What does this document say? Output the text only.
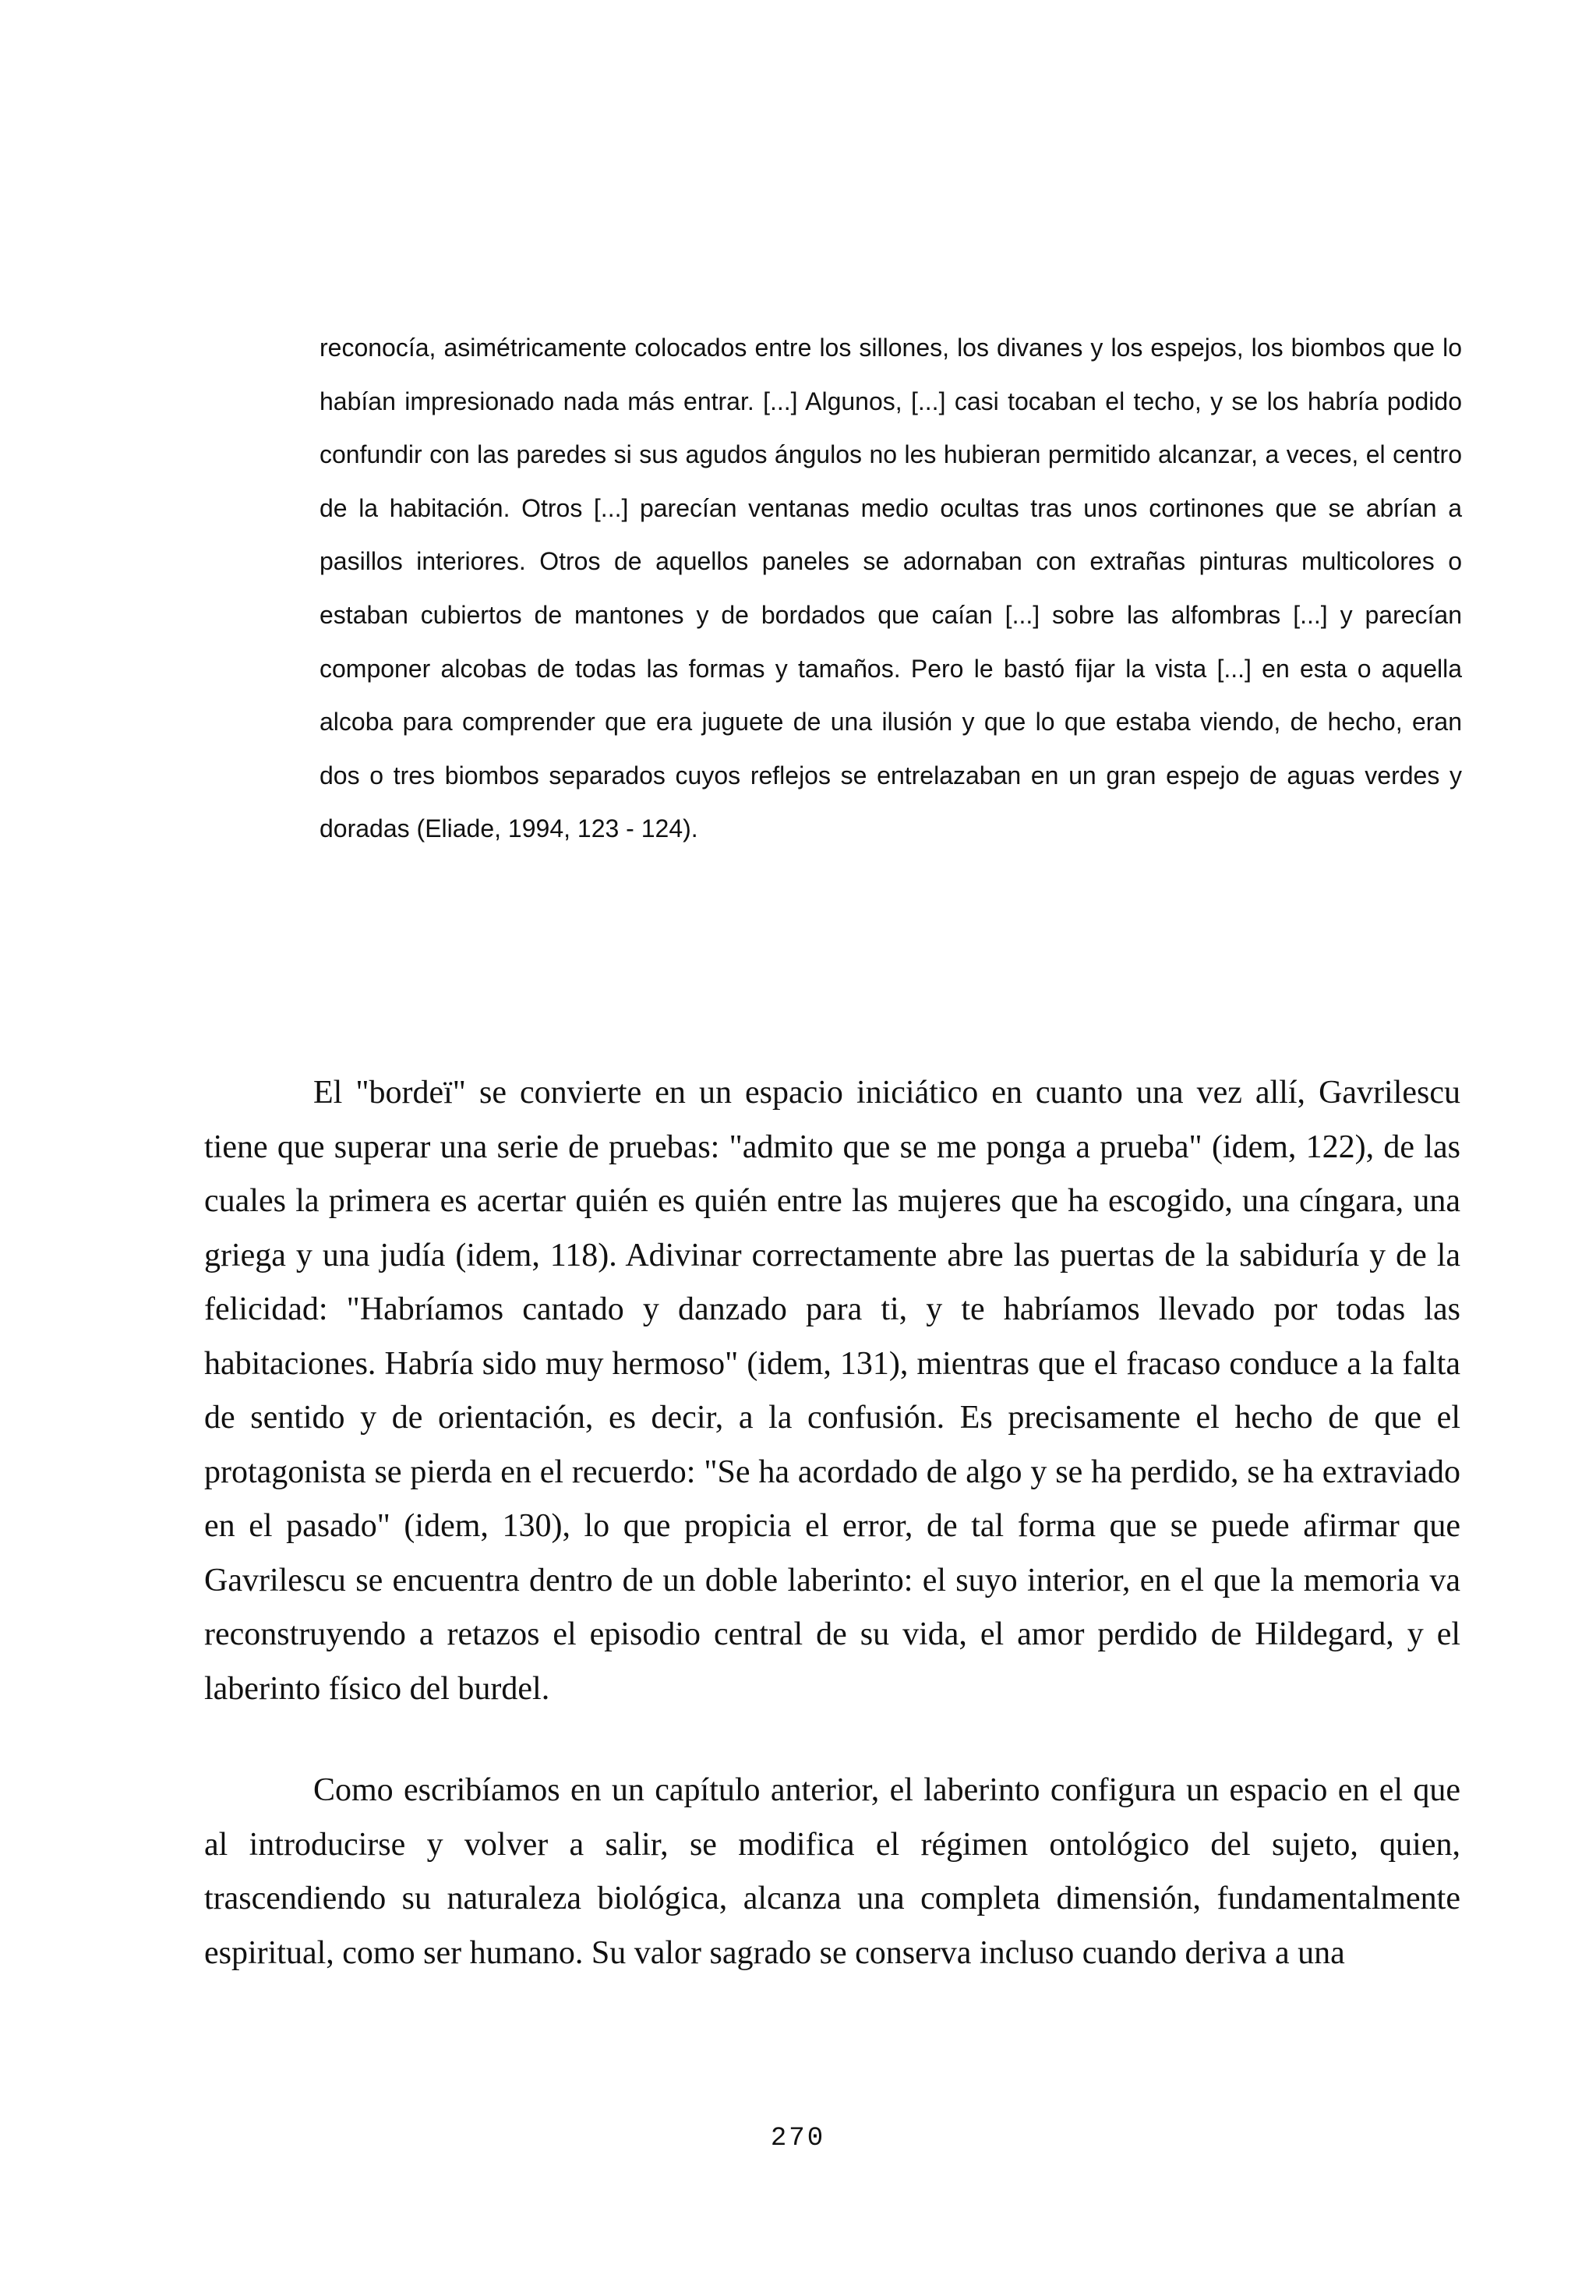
reconocía, asimétricamente colocados entre los sillones, los divanes y los espejos, los biombos que lo habían impresionado nada más entrar. [...] Algunos, [...] casi tocaban el techo, y se los habría podido confundir con las paredes si sus agudos ángulos no les hubieran permitido alcanzar, a veces, el centro de la habitación. Otros [...] parecían ventanas medio ocultas tras unos cortinones que se abrían a pasillos interiores. Otros de aquellos paneles se adornaban con extrañas pinturas multicolores o estaban cubiertos de mantones y de bordados que caían [...] sobre las alfombras [...] y parecían componer alcobas de todas las formas y tamaños. Pero le bastó fijar la vista [...] en esta o aquella alcoba para comprender que era juguete de una ilusión y que lo que estaba viendo, de hecho, eran dos o tres biombos separados cuyos reflejos se entrelazaban en un gran espejo de aguas verdes y doradas (Eliade, 1994, 123 - 124).

El "bordeï" se convierte en un espacio iniciático en cuanto una vez allí, Gavrilescu tiene que superar una serie de pruebas: "admito que se me ponga a prueba" (idem, 122), de las cuales la primera es acertar quién es quién entre las mujeres que ha escogido, una cíngara, una griega y una judía (idem, 118). Adivinar correctamente abre las puertas de la sabiduría y de la felicidad: "Habríamos cantado y danzado para ti, y te habríamos llevado por todas las habitaciones. Habría sido muy hermoso" (idem, 131), mientras que el fracaso conduce a la falta de sentido y de orientación, es decir, a la confusión. Es precisamente el hecho de que el protagonista se pierda en el recuerdo: "Se ha acordado de algo y se ha perdido, se ha extraviado en el pasado" (idem, 130), lo que propicia el error, de tal forma que se puede afirmar que Gavrilescu se encuentra dentro de un doble laberinto: el suyo interior, en el que la memoria va reconstruyendo a retazos el episodio central de su vida, el amor perdido de Hildegard, y el laberinto físico del burdel.

Como escribíamos en un capítulo anterior, el laberinto configura un espacio en el que al introducirse y volver a salir, se modifica el régimen ontológico del sujeto, quien, trascendiendo su naturaleza biológica, alcanza una completa dimensión, fundamentalmente espiritual, como ser humano. Su valor sagrado se conserva incluso cuando deriva a una

270
